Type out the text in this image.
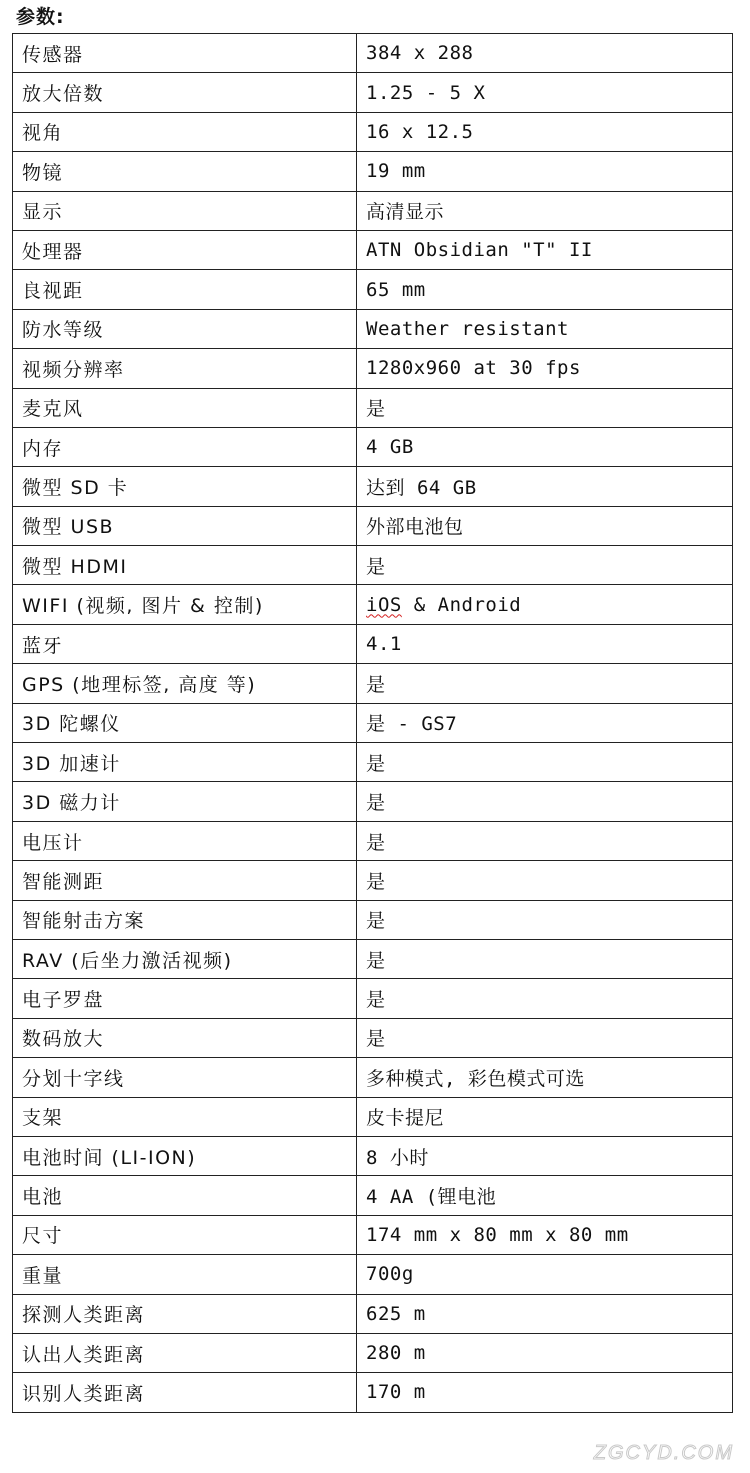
参数:
传感器	384 x 288
放大倍数	1.25 - 5 X
视角	16 x 12.5
物镜	19 mm
显示	高清显示
处理器	ATN Obsidian "T" II
良视距	65 mm
防水等级	Weather resistant
视频分辨率	1280x960 at 30 fps
麦克风	是
内存	4 GB
微型 SD 卡	达到 64 GB
微型 USB	外部电池包
微型 HDMI	是
WIFI (视频, 图片 & 控制)	iOS & Android
蓝牙	4.1
GPS (地理标签, 高度 等)	是
3D 陀螺仪	是 - GS7
3D 加速计	是
3D 磁力计	是
电压计	是
智能测距	是
智能射击方案	是
RAV (后坐力激活视频)	是
电子罗盘	是
数码放大	是
分划十字线	多种模式, 彩色模式可选
支架	皮卡提尼
电池时间 (LI-ION)	8 小时
电池	4 AA (锂电池
尺寸	174 mm x 80 mm x 80 mm
重量	700g
探测人类距离	625 m
认出人类距离	280 m
识别人类距离	170 m
ZGCYD.COM
